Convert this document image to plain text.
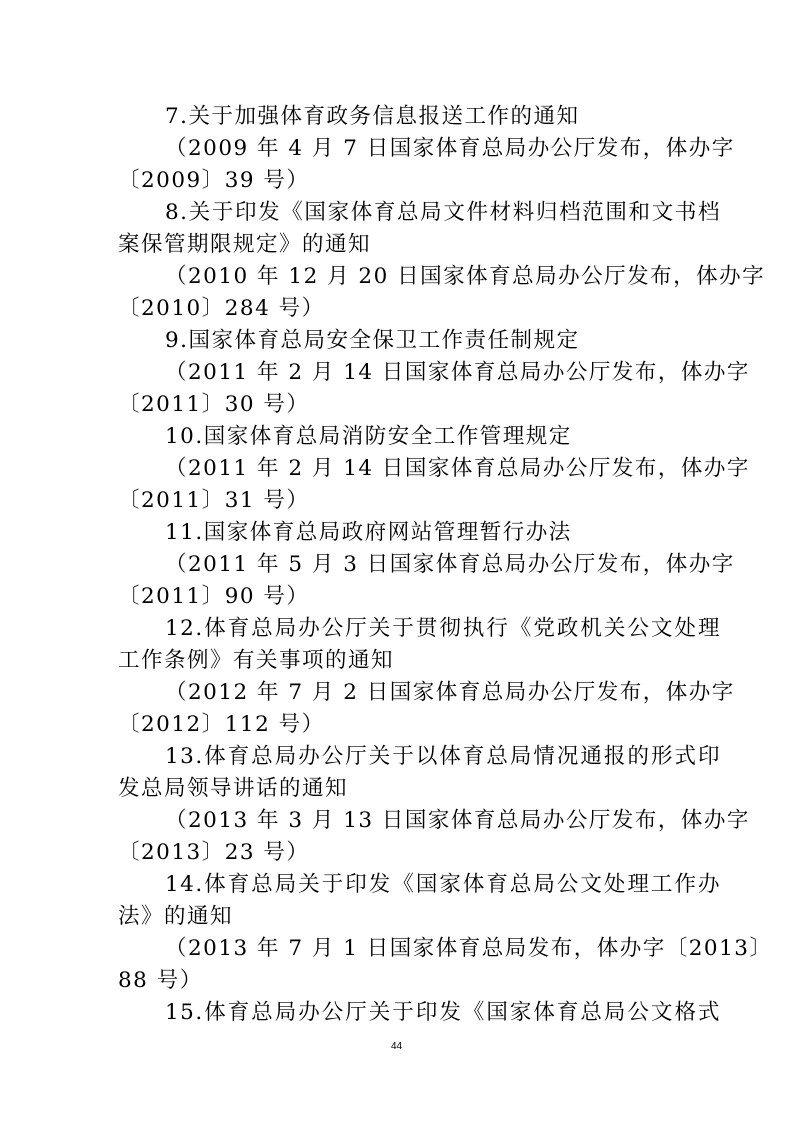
7.关于加强体育政务信息报送工作的通知
（2009 年 4 月 7 日国家体育总局办公厅发布，体办字
〔2009〕39 号）
8.关于印发《国家体育总局文件材料归档范围和文书档
案保管期限规定》的通知
（2010 年 12 月 20 日国家体育总局办公厅发布，体办字
〔2010〕284 号）
9.国家体育总局安全保卫工作责任制规定
（2011 年 2 月 14 日国家体育总局办公厅发布，体办字
〔2011〕30 号）
10.国家体育总局消防安全工作管理规定
（2011 年 2 月 14 日国家体育总局办公厅发布，体办字
〔2011〕31 号）
11.国家体育总局政府网站管理暂行办法
（2011 年 5 月 3 日国家体育总局办公厅发布，体办字
〔2011〕90 号）
12.体育总局办公厅关于贯彻执行《党政机关公文处理
工作条例》有关事项的通知
（2012 年 7 月 2 日国家体育总局办公厅发布，体办字
〔2012〕112 号）
13.体育总局办公厅关于以体育总局情况通报的形式印
发总局领导讲话的通知
（2013 年 3 月 13 日国家体育总局办公厅发布，体办字
〔2013〕23 号）
14.体育总局关于印发《国家体育总局公文处理工作办
法》的通知
（2013 年 7 月 1 日国家体育总局发布，体办字〔2013〕
88 号）
15.体育总局办公厅关于印发《国家体育总局公文格式
44
